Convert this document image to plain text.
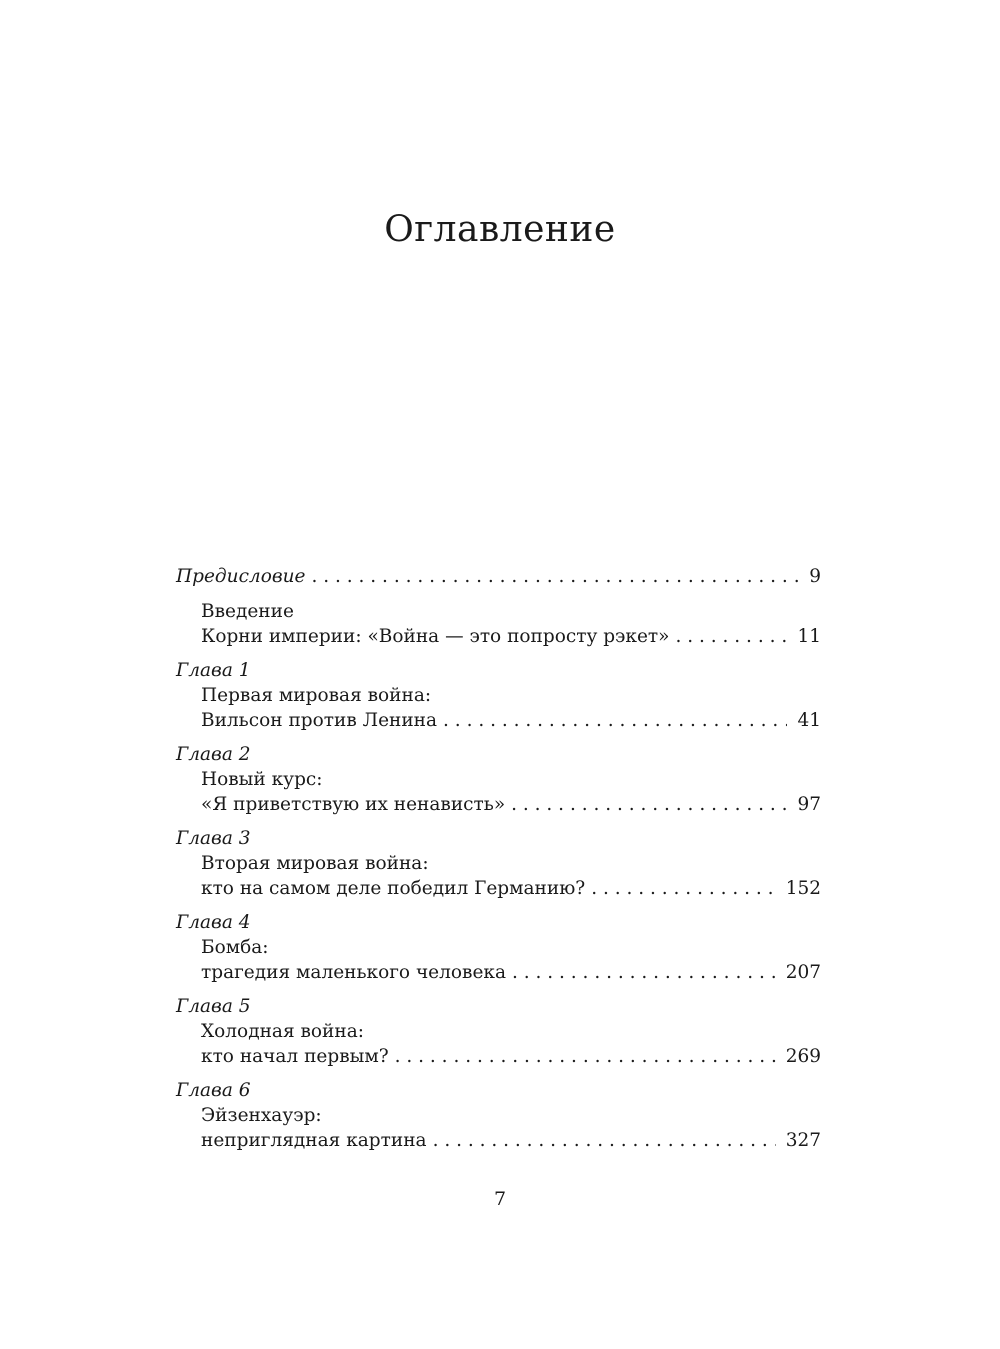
Оглавление
Предисловие . . .	9
Введение
Корни империи: «Война — это попросту рэкет» . . .	11
Глава 1
Первая мировая война:
Вильсон против Ленина . . .	41
Глава 2
Новый курс:
«Я приветствую их ненависть» . . .	97
Глава 3
Вторая мировая война:
кто на самом деле победил Германию? . . .	152
Глава 4
Бомба:
трагедия маленького человека . . .	207
Глава 5
Холодная война:
кто начал первым? . . .	269
Глава 6
Эйзенхауэр:
неприглядная картина . . .	327
7
